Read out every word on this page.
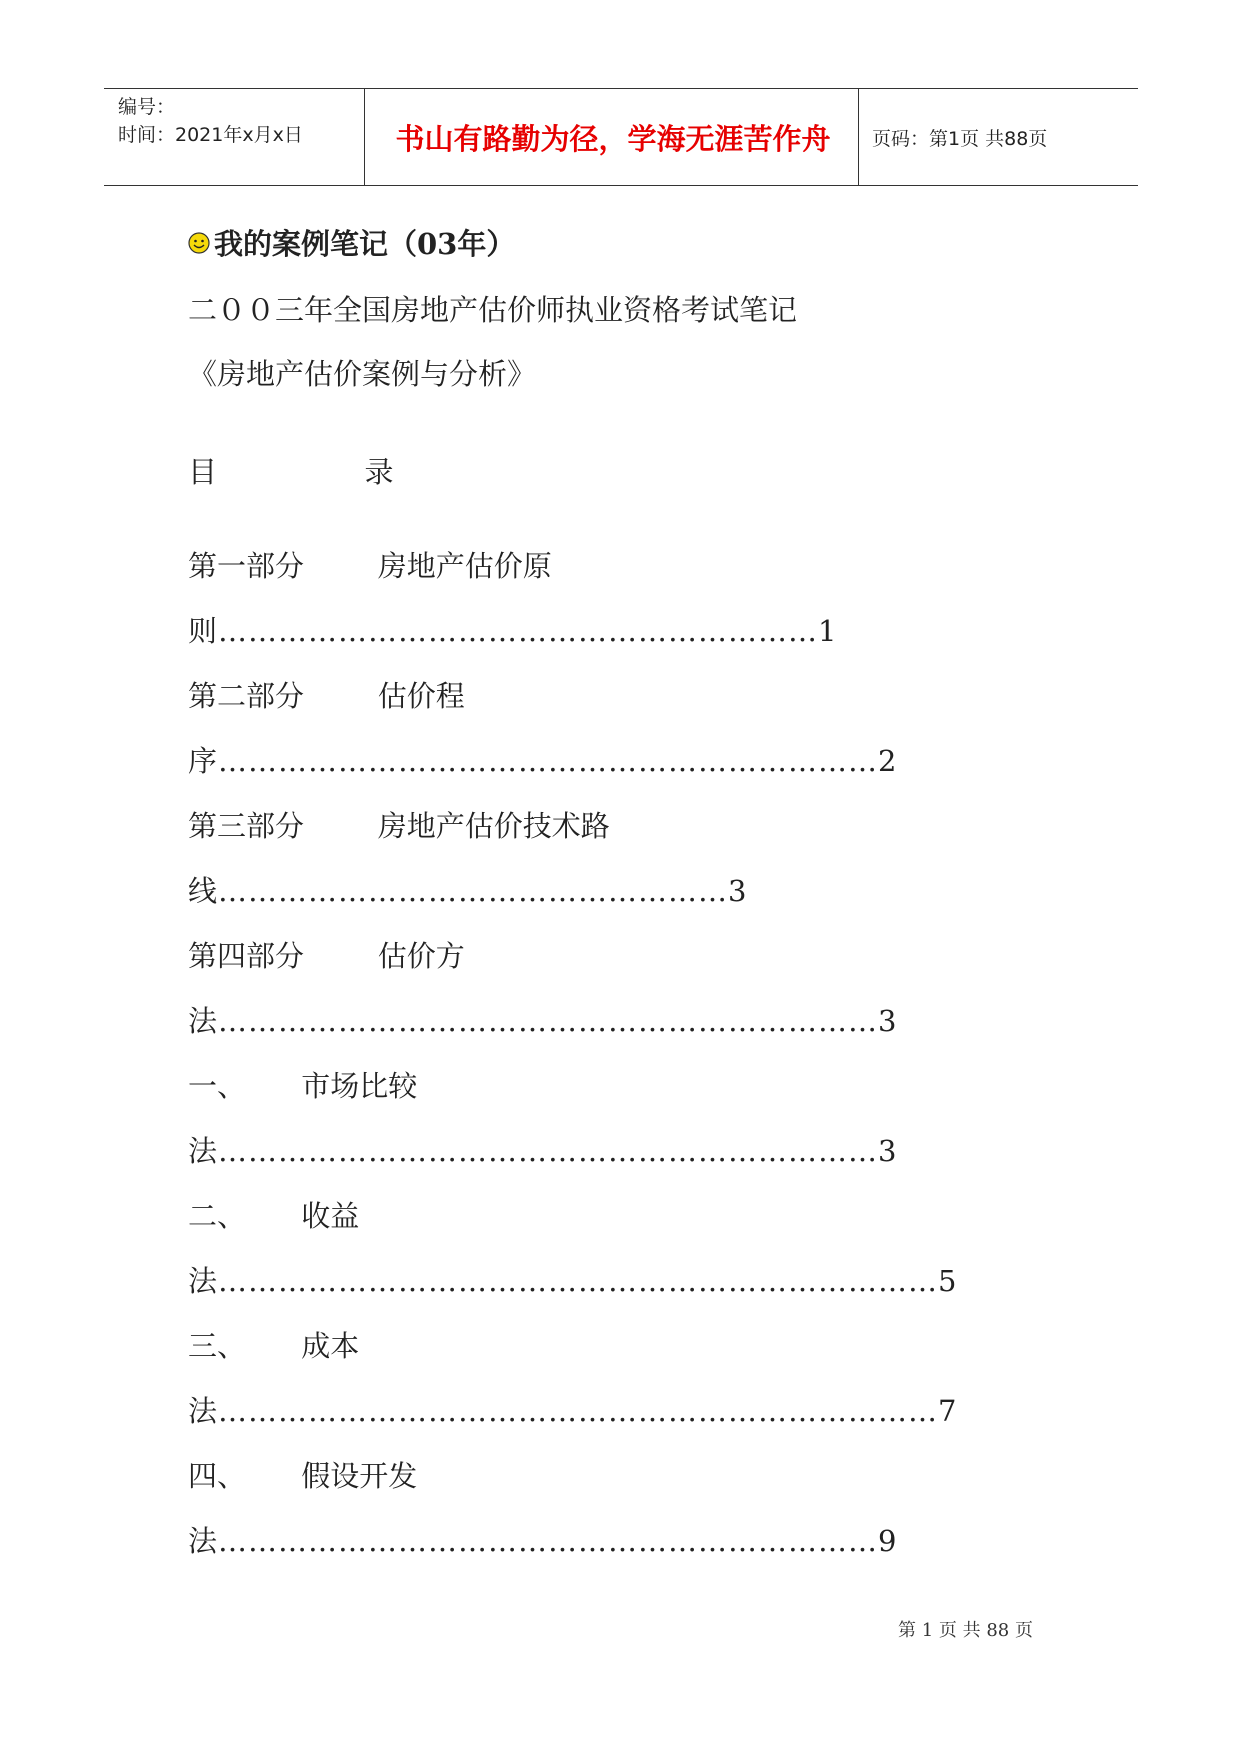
编号：
时间：2021年x月x日	书山有路勤为径，学海无涯苦作舟	页码：第1页 共88页
我的案例笔记（03年）
二００三年全国房地产估价师执业资格考试笔记
《房地产估价案例与分析》
目                录
第一部分        房地产估价原
则……………………………………………………1
第二部分        估价程
序…………………………………………………………2
第三部分        房地产估价技术路
线……………………………………………3
第四部分        估价方
法…………………………………………………………3
一、      市场比较
法…………………………………………………………3
二、      收益
法………………………………………………………………5
三、      成本
法………………………………………………………………7
四、      假设开发
法…………………………………………………………9
第 1 页 共 88 页
